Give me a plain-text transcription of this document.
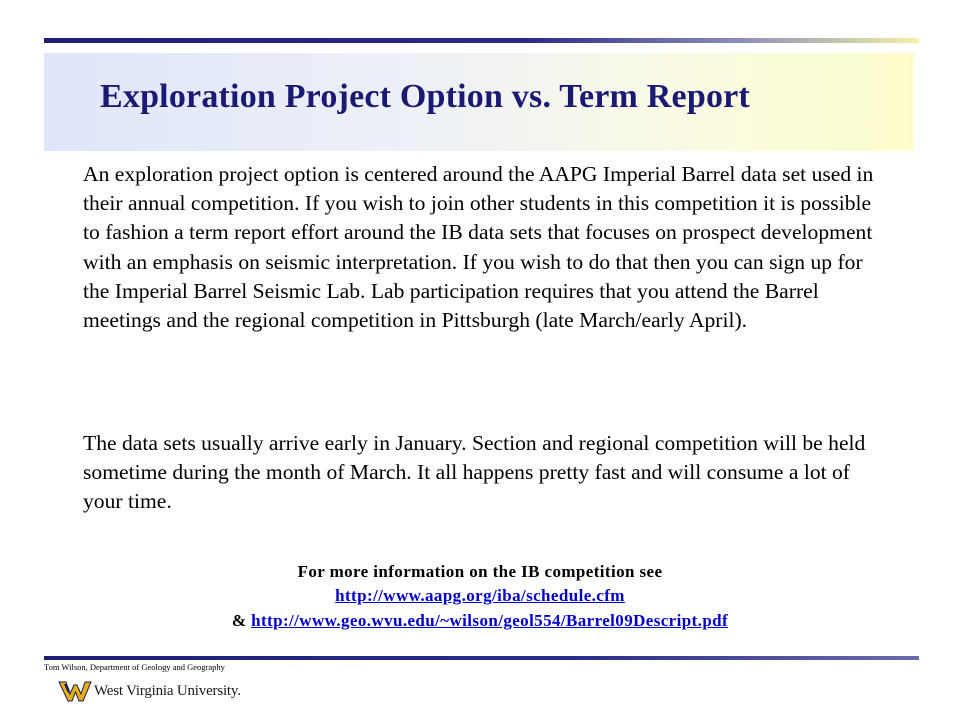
Exploration Project Option vs. Term Report

An exploration project option is centered around the AAPG Imperial Barrel data set used in their annual competition. If you wish to join other students in this competition it is possible to fashion a term report effort around the IB data sets that focuses on prospect development with an emphasis on seismic interpretation. If you wish to do that then you can sign up for the Imperial Barrel Seismic Lab. Lab participation requires that you attend the Barrel meetings and the regional competition in Pittsburgh (late March/early April).

The data sets usually arrive early in January. Section and regional competition will be held sometime during the month of March. It all happens pretty fast and will consume a lot of your time.

For more information on the IB competition see
http://www.aapg.org/iba/schedule.cfm
& http://www.geo.wvu.edu/~wilson/geol554/Barrel09Descript.pdf
Tom Wilson, Department of Geology and Geography
West Virginia University.
